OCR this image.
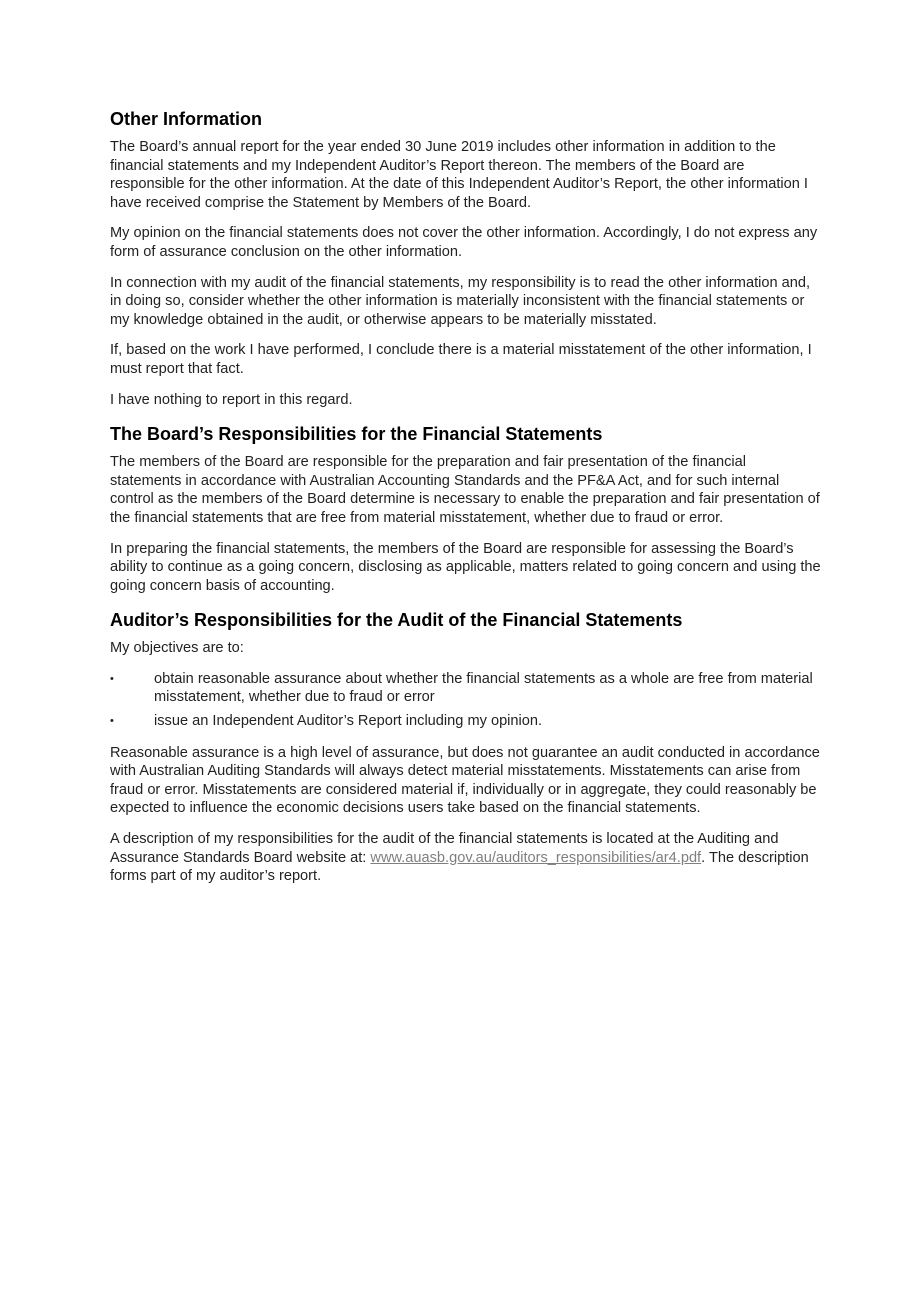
Other Information

The Board’s annual report for the year ended 30 June 2019 includes other information in addition to the financial statements and my Independent Auditor’s Report thereon. The members of the Board are responsible for the other information. At the date of this Independent Auditor’s Report, the other information I have received comprise the Statement by Members of the Board.

My opinion on the financial statements does not cover the other information. Accordingly, I do not express any form of assurance conclusion on the other information.

In connection with my audit of the financial statements, my responsibility is to read the other information and, in doing so, consider whether the other information is materially inconsistent with the financial statements or my knowledge obtained in the audit, or otherwise appears to be materially misstated.

If, based on the work I have performed, I conclude there is a material misstatement of the other information, I must report that fact.

I have nothing to report in this regard.

The Board’s Responsibilities for the Financial Statements

The members of the Board are responsible for the preparation and fair presentation of the financial statements in accordance with Australian Accounting Standards and the PF&A Act, and for such internal control as the members of the Board determine is necessary to enable the preparation and fair presentation of the financial statements that are free from material misstatement, whether due to fraud or error.

In preparing the financial statements, the members of the Board are responsible for assessing the Board’s ability to continue as a going concern, disclosing as applicable, matters related to going concern and using the going concern basis of accounting.

Auditor’s Responsibilities for the Audit of the Financial Statements

My objectives are to:

•	obtain reasonable assurance about whether the financial statements as a whole are free from material misstatement, whether due to fraud or error
•	issue an Independent Auditor’s Report including my opinion.

Reasonable assurance is a high level of assurance, but does not guarantee an audit conducted in accordance with Australian Auditing Standards will always detect material misstatements. Misstatements can arise from fraud or error. Misstatements are considered material if, individually or in aggregate, they could reasonably be expected to influence the economic decisions users take based on the financial statements.

A description of my responsibilities for the audit of the financial statements is located at the Auditing and Assurance Standards Board website at: www.auasb.gov.au/auditors_responsibilities/ar4.pdf. The description forms part of my auditor’s report.
